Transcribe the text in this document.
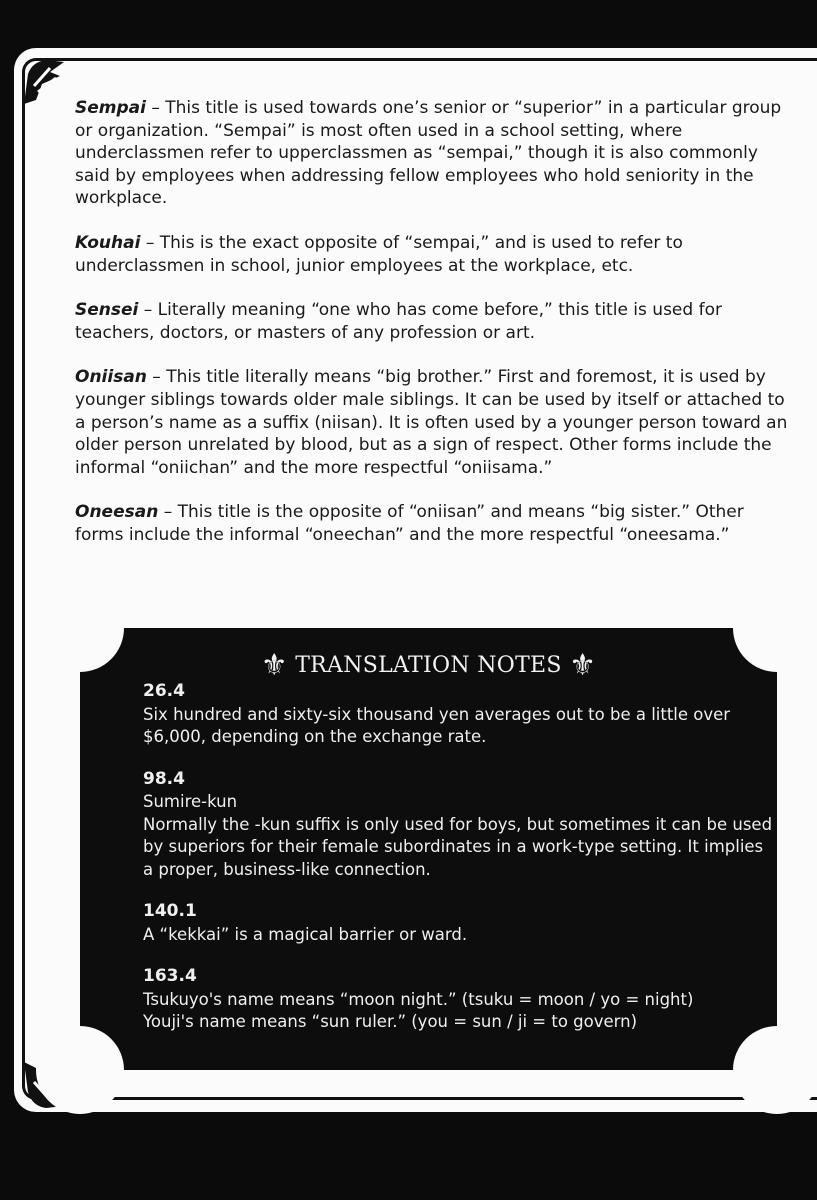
Sempai – This title is used towards one’s senior or “superior” in a particular group or organization. “Sempai” is most often used in a school setting, where underclassmen refer to upperclassmen as “sempai,” though it is also commonly said by employees when addressing fellow employees who hold seniority in the workplace.
Kouhai – This is the exact opposite of “sempai,” and is used to refer to underclassmen in school, junior employees at the workplace, etc.
Sensei – Literally meaning “one who has come before,” this title is used for teachers, doctors, or masters of any profession or art.
Oniisan – This title literally means “big brother.” First and foremost, it is used by younger siblings towards older male siblings. It can be used by itself or attached to a person’s name as a suffix (niisan). It is often used by a younger person toward an older person unrelated by blood, but as a sign of respect. Other forms include the informal “oniichan” and the more respectful “oniisama.”
Oneesan – This title is the opposite of “oniisan” and means “big sister.” Other forms include the informal “oneechan” and the more respectful “oneesama.”
⚜ TRANSLATION NOTES ⚜
26.4

Six hundred and sixty-six thousand yen averages out to be a little over $6,000, depending on the exchange rate.

98.4

Sumire-kun

Normally the -kun suffix is only used for boys, but sometimes it can be used by superiors for their female subordinates in a work-type setting. It implies a proper, business-like connection.

140.1

A “kekkai” is a magical barrier or ward.

163.4

Tsukuyo's name means “moon night.” (tsuku = moon / yo = night)

Youji's name means “sun ruler.” (you = sun / ji = to govern)
